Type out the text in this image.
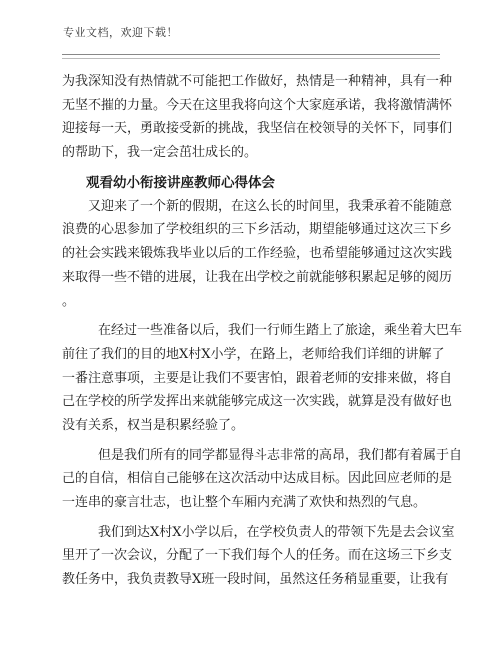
专业文档，欢迎下载！
为我深知没有热情就不可能把工作做好，热情是一种精神，具有一种
无坚不摧的力量。今天在这里我将向这个大家庭承诺，我将激情满怀
迎接每一天，勇敢接受新的挑战，我坚信在校领导的关怀下，同事们
的帮助下，我一定会茁壮成长的。
观看幼小衔接讲座教师心得体会
又迎来了一个新的假期，在这么长的时间里，我秉承着不能随意
浪费的心思参加了学校组织的三下乡活动，期望能够通过这次三下乡
的社会实践来锻炼我毕业以后的工作经验，也希望能够通过这次实践
来取得一些不错的进展，让我在出学校之前就能够积累起足够的阅历
。
在经过一些准备以后，我们一行师生踏上了旅途，乘坐着大巴车
前往了我们的目的地X村X小学，在路上，老师给我们详细的讲解了
一番注意事项，主要是让我们不要害怕，跟着老师的安排来做，将自
己在学校的所学发挥出来就能够完成这一次实践，就算是没有做好也
没有关系，权当是积累经验了。
但是我们所有的同学都显得斗志非常的高昂，我们都有着属于自
己的自信，相信自己能够在这次活动中达成目标。因此回应老师的是
一连串的豪言壮志，也让整个车厢内充满了欢快和热烈的气息。
我们到达X村X小学以后，在学校负责人的带领下先是去会议室
里开了一次会议，分配了一下我们每个人的任务。而在这场三下乡支
教任务中，我负责教导X班一段时间，虽然这任务稍显重要，让我有
